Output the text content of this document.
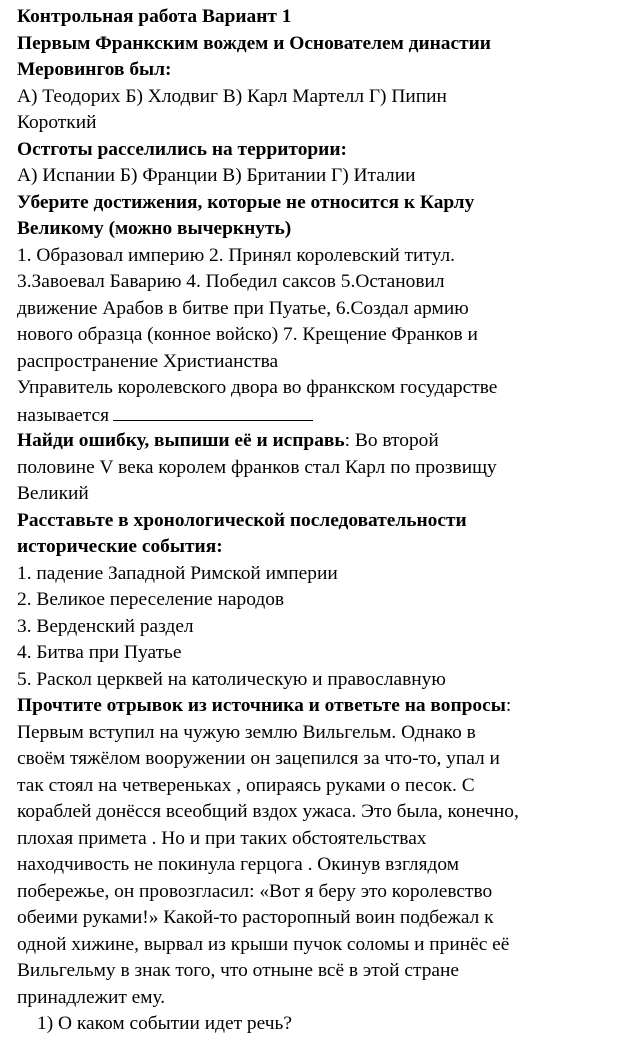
Контрольная работа Вариант 1
Первым Франкским вождем и Основателем династии
Меровингов был:
А) Теодорих Б) Хлодвиг В) Карл Мартелл Г) Пипин
Короткий
Остготы расселились на территории:
А) Испании Б) Франции В) Британии Г) Италии
Уберите достижения, которые не относится к Карлу
Великому (можно вычеркнуть)
1. Образовал империю 2. Принял королевский титул.
3.Завоевал Баварию 4. Победил саксов 5.Остановил
движение Арабов в битве при Пуатье, 6.Создал армию
нового образца (конное войско) 7. Крещение Франков и
распространение Христианства
Управитель королевского двора во франкском государстве
называется
Найди ошибку, выпиши её и исправь: Во второй
половине V века королем франков стал Карл по прозвищу
Великий
Расставьте в хронологической последовательности
исторические события:
1. падение Западной Римской империи
2. Великое переселение народов
3. Верденский раздел
4. Битва при Пуатье
5. Раскол церквей на католическую и православную
Прочтите отрывок из источника и ответьте на вопросы:
Первым вступил на чужую землю Вильгельм. Однако в
своём тяжёлом вооружении он зацепился за что-то, упал и
так стоял на четвереньках , опираясь руками о песок. С
кораблей донёсся всеобщий вздох ужаса. Это была, конечно,
плохая примета . Но и при таких обстоятельствах
находчивость не покинула герцога . Окинув взглядом
побережье, он провозгласил: «Вот я беру это королевство
обеими руками!» Какой-то расторопный воин подбежал к
одной хижине, вырвал из крыши пучок соломы и принёс её
Вильгельму в знак того, что отныне всё в этой стране
принадлежит ему.
1) О каком событии идет речь?
